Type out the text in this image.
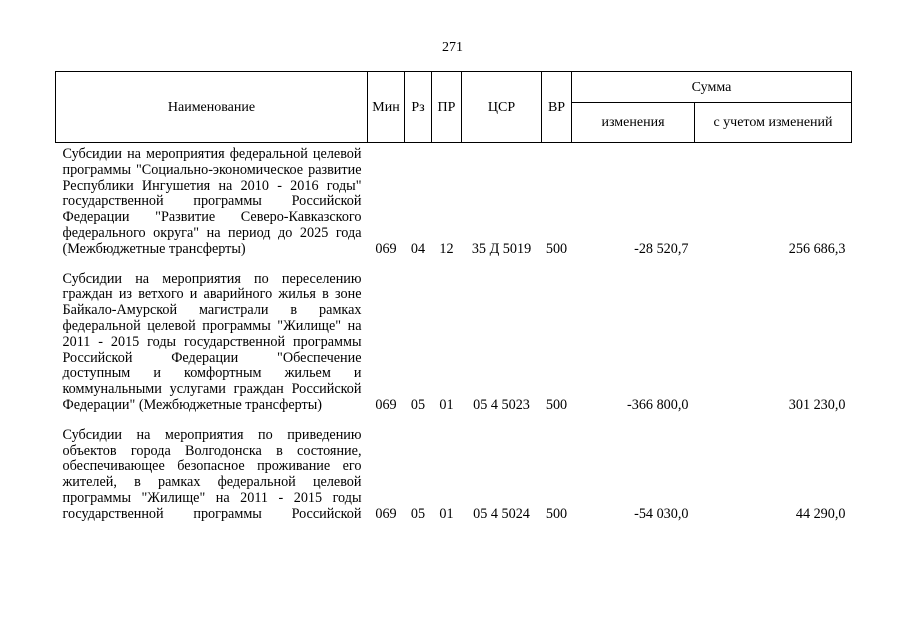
271
Наименование	Мин	Рз	ПР	ЦСР	ВР	Сумма	
						изменения	с учетом изменений
Субсидии на мероприятия федеральной целевой программы "Социально-экономическое развитие Республики Ингушетия на 2010 - 2016 годы" государственной программы Российской Федерации "Развитие Северо-Кавказского федерального округа" на период до 2025 года (Межбюджетные трансферты)	069	04	12	35 Д 5019	500	-28 520,7	256 686,3
Субсидии на мероприятия по переселению граждан из ветхого и аварийного жилья в зоне Байкало-Амурской магистрали в рамках федеральной целевой программы "Жилище" на 2011 - 2015 годы государственной программы Российской Федерации "Обеспечение доступным и комфортным жильем и коммунальными услугами граждан Российской Федерации" (Межбюджетные трансферты)	069	05	01	05 4 5023	500	-366 800,0	301 230,0
Субсидии на мероприятия по приведению объектов города Волгодонска в состояние, обеспечивающее безопасное проживание его жителей, в рамках федеральной целевой программы "Жилище" на 2011 - 2015 годы государственной программы Российской	069	05	01	05 4 5024	500	-54 030,0	44 290,0
